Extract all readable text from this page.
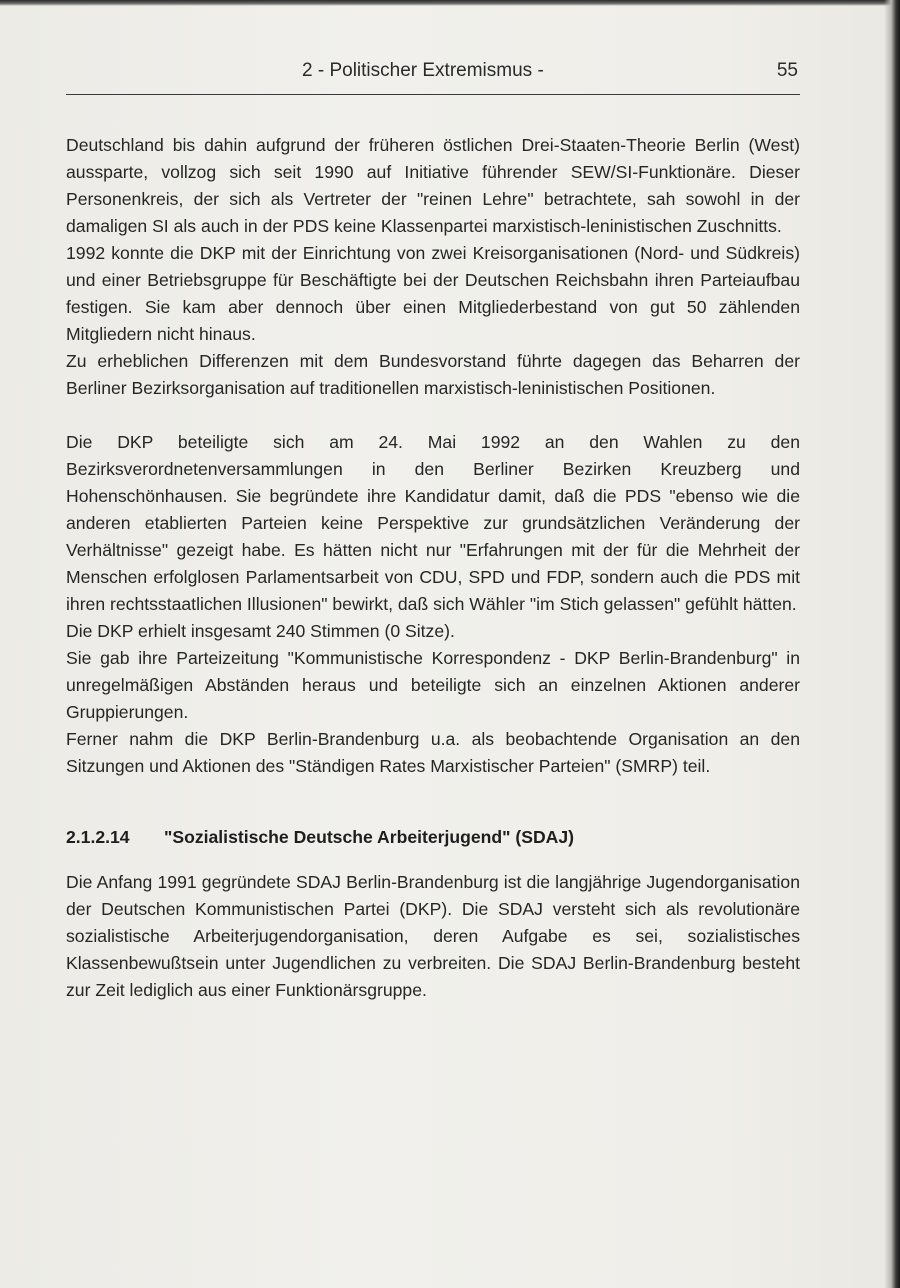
2 - Politischer Extremismus -	55

Deutschland bis dahin aufgrund der früheren östlichen Drei-Staaten-Theorie Berlin (West) aussparte, vollzog sich seit 1990 auf Initiative führender SEW/SI-Funktionäre. Dieser Personenkreis, der sich als Vertreter der "reinen Lehre" betrachtete, sah sowohl in der damaligen SI als auch in der PDS keine Klassenpartei marxistisch-leninistischen Zuschnitts.

1992 konnte die DKP mit der Einrichtung von zwei Kreisorganisationen (Nord- und Südkreis) und einer Betriebsgruppe für Beschäftigte bei der Deutschen Reichsbahn ihren Parteiaufbau festigen. Sie kam aber dennoch über einen Mitgliederbestand von gut 50 zählenden Mitgliedern nicht hinaus.

Zu erheblichen Differenzen mit dem Bundesvorstand führte dagegen das Beharren der Berliner Bezirksorganisation auf traditionellen marxistisch-leninistischen Positionen.

Die DKP beteiligte sich am 24. Mai 1992 an den Wahlen zu den Bezirksverordnetenversammlungen in den Berliner Bezirken Kreuzberg und Hohenschönhausen. Sie begründete ihre Kandidatur damit, daß die PDS "ebenso wie die anderen etablierten Parteien keine Perspektive zur grundsätzlichen Veränderung der Verhältnisse" gezeigt habe. Es hätten nicht nur "Erfahrungen mit der für die Mehrheit der Menschen erfolglosen Parlamentsarbeit von CDU, SPD und FDP, sondern auch die PDS mit ihren rechtsstaatlichen Illusionen" bewirkt, daß sich Wähler "im Stich gelassen" gefühlt hätten.

Die DKP erhielt insgesamt 240 Stimmen (0 Sitze).

Sie gab ihre Parteizeitung "Kommunistische Korrespondenz - DKP Berlin-Brandenburg" in unregelmäßigen Abständen heraus und beteiligte sich an einzelnen Aktionen anderer Gruppierungen.

Ferner nahm die DKP Berlin-Brandenburg u.a. als beobachtende Organisation an den Sitzungen und Aktionen des "Ständigen Rates Marxistischer Parteien" (SMRP) teil.

2.1.2.14 "Sozialistische Deutsche Arbeiterjugend" (SDAJ)

Die Anfang 1991 gegründete SDAJ Berlin-Brandenburg ist die langjährige Jugendorganisation der Deutschen Kommunistischen Partei (DKP). Die SDAJ versteht sich als revolutionäre sozialistische Arbeiterjugendorganisation, deren Aufgabe es sei, sozialistisches Klassenbewußtsein unter Jugendlichen zu verbreiten. Die SDAJ Berlin-Brandenburg besteht zur Zeit lediglich aus einer Funktionärsgruppe.
